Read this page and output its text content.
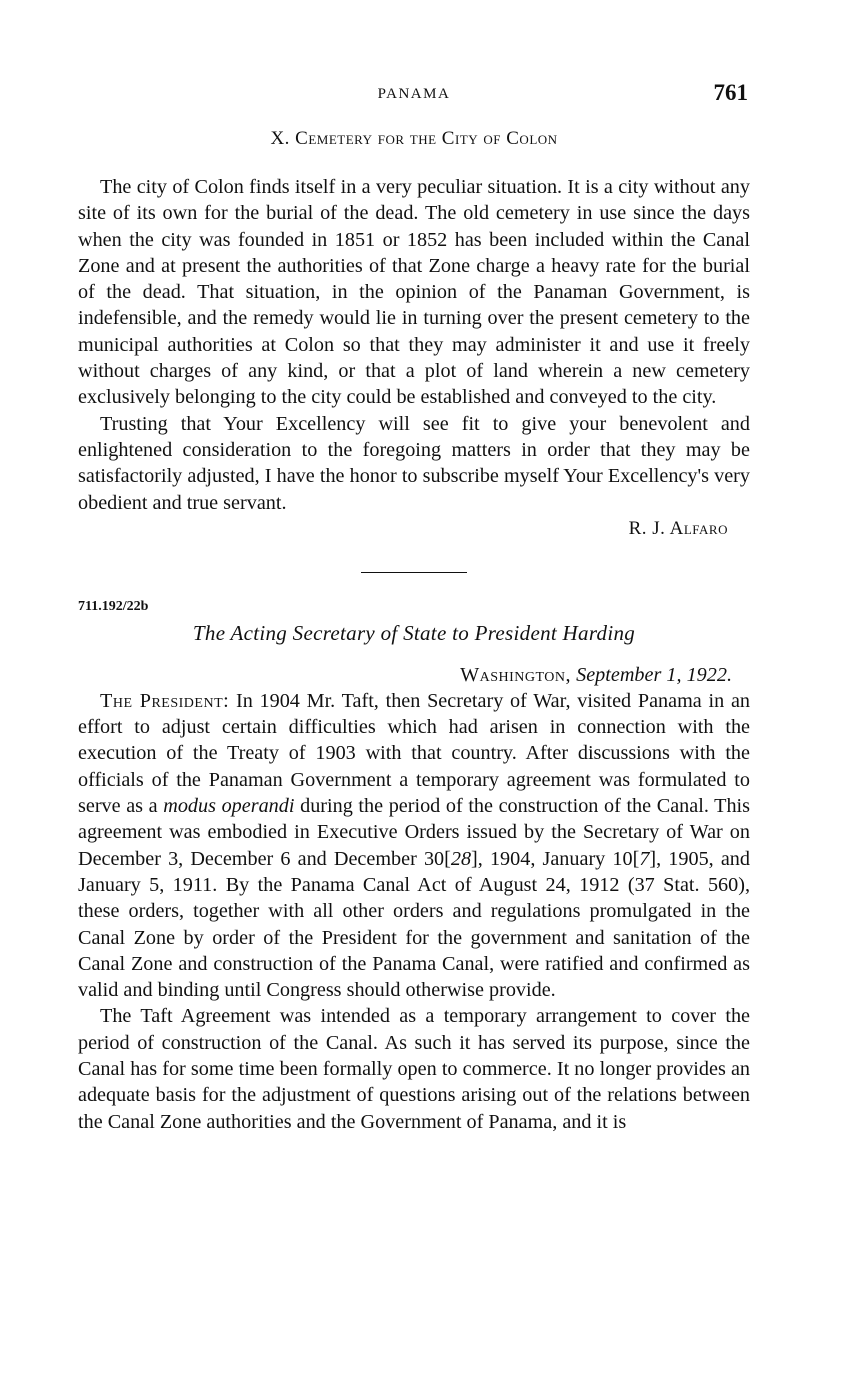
PANAMA	761
X. Cemetery for the City of Colon

The city of Colon finds itself in a very peculiar situation. It is a city without any site of its own for the burial of the dead. The old cemetery in use since the days when the city was founded in 1851 or 1852 has been included within the Canal Zone and at present the authorities of that Zone charge a heavy rate for the burial of the dead. That situation, in the opinion of the Panaman Government, is indefensible, and the remedy would lie in turning over the present cemetery to the municipal authorities at Colon so that they may administer it and use it freely without charges of any kind, or that a plot of land wherein a new cemetery exclusively belonging to the city could be established and conveyed to the city.

Trusting that Your Excellency will see fit to give your benevolent and enlightened consideration to the foregoing matters in order that they may be satisfactorily adjusted, I have the honor to subscribe myself Your Excellency's very obedient and true servant.

R. J. Alfaro
711.192/22b
The Acting Secretary of State to President Harding
Washington, September 1, 1922.

The President: In 1904 Mr. Taft, then Secretary of War, visited Panama in an effort to adjust certain difficulties which had arisen in connection with the execution of the Treaty of 1903 with that country. After discussions with the officials of the Panaman Government a temporary agreement was formulated to serve as a modus operandi during the period of the construction of the Canal. This agreement was embodied in Executive Orders issued by the Secretary of War on December 3, December 6 and December 30[28], 1904, January 10[7], 1905, and January 5, 1911. By the Panama Canal Act of August 24, 1912 (37 Stat. 560), these orders, together with all other orders and regulations promulgated in the Canal Zone by order of the President for the government and sanitation of the Canal Zone and construction of the Panama Canal, were ratified and confirmed as valid and binding until Congress should otherwise provide.

The Taft Agreement was intended as a temporary arrangement to cover the period of construction of the Canal. As such it has served its purpose, since the Canal has for some time been formally open to commerce. It no longer provides an adequate basis for the adjustment of questions arising out of the relations between the Canal Zone authorities and the Government of Panama, and it is
